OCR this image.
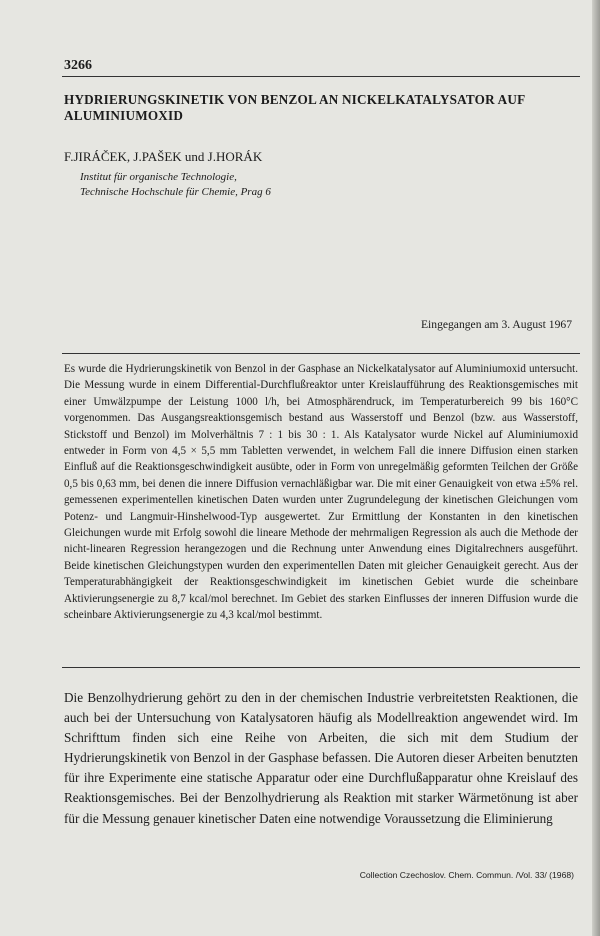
3266
HYDRIERUNGSKINETIK VON BENZOL AN NICKELKATALYSATOR AUF ALUMINIUMOXID
F.JIRÁČEK, J.PAŠEK und J.HORÁK
Institut für organische Technologie,
Technische Hochschule für Chemie, Prag 6
Eingegangen am 3. August 1967
Es wurde die Hydrierungskinetik von Benzol in der Gasphase an Nickelkatalysator auf Aluminiumoxid untersucht. Die Messung wurde in einem Differential-Durchflußreaktor unter Kreislaufführung des Reaktionsgemisches mit einer Umwälzpumpe der Leistung 1000 l/h, bei Atmosphärendruck, im Temperaturbereich 99 bis 160°C vorgenommen. Das Ausgangsreaktionsgemisch bestand aus Wasserstoff und Benzol (bzw. aus Wasserstoff, Stickstoff und Benzol) im Molverhältnis 7 : 1 bis 30 : 1. Als Katalysator wurde Nickel auf Aluminiumoxid entweder in Form von 4,5 × 5,5 mm Tabletten verwendet, in welchem Fall die innere Diffusion einen starken Einfluß auf die Reaktionsgeschwindigkeit ausübte, oder in Form von unregelmäßig geformten Teilchen der Größe 0,5 bis 0,63 mm, bei denen die innere Diffusion vernachläßigbar war. Die mit einer Genauigkeit von etwa ±5% rel. gemessenen experimentellen kinetischen Daten wurden unter Zugrundelegung der kinetischen Gleichungen vom Potenz- und Langmuir-Hinshelwood-Typ ausgewertet. Zur Ermittlung der Konstanten in den kinetischen Gleichungen wurde mit Erfolg sowohl die lineare Methode der mehrmaligen Regression als auch die Methode der nicht-linearen Regression herangezogen und die Rechnung unter Anwendung eines Digitalrechners ausgeführt. Beide kinetischen Gleichungstypen wurden den experimentellen Daten mit gleicher Genauigkeit gerecht. Aus der Temperaturabhängigkeit der Reaktionsgeschwindigkeit im kinetischen Gebiet wurde die scheinbare Aktivierungsenergie zu 8,7 kcal/mol berechnet. Im Gebiet des starken Einflusses der inneren Diffusion wurde die scheinbare Aktivierungsenergie zu 4,3 kcal/mol bestimmt.
Die Benzolhydrierung gehört zu den in der chemischen Industrie verbreitetsten Reaktionen, die auch bei der Untersuchung von Katalysatoren häufig als Modellreaktion angewendet wird. Im Schrifttum finden sich eine Reihe von Arbeiten, die sich mit dem Studium der Hydrierungskinetik von Benzol in der Gasphase befassen. Die Autoren dieser Arbeiten benutzten für ihre Experimente eine statische Apparatur oder eine Durchflußapparatur ohne Kreislauf des Reaktionsgemisches. Bei der Benzolhydrierung als Reaktion mit starker Wärmetönung ist aber für die Messung genauer kinetischer Daten eine notwendige Voraussetzung die Eliminierung
Collection Czechoslov. Chem. Commun. /Vol. 33/ (1968)
